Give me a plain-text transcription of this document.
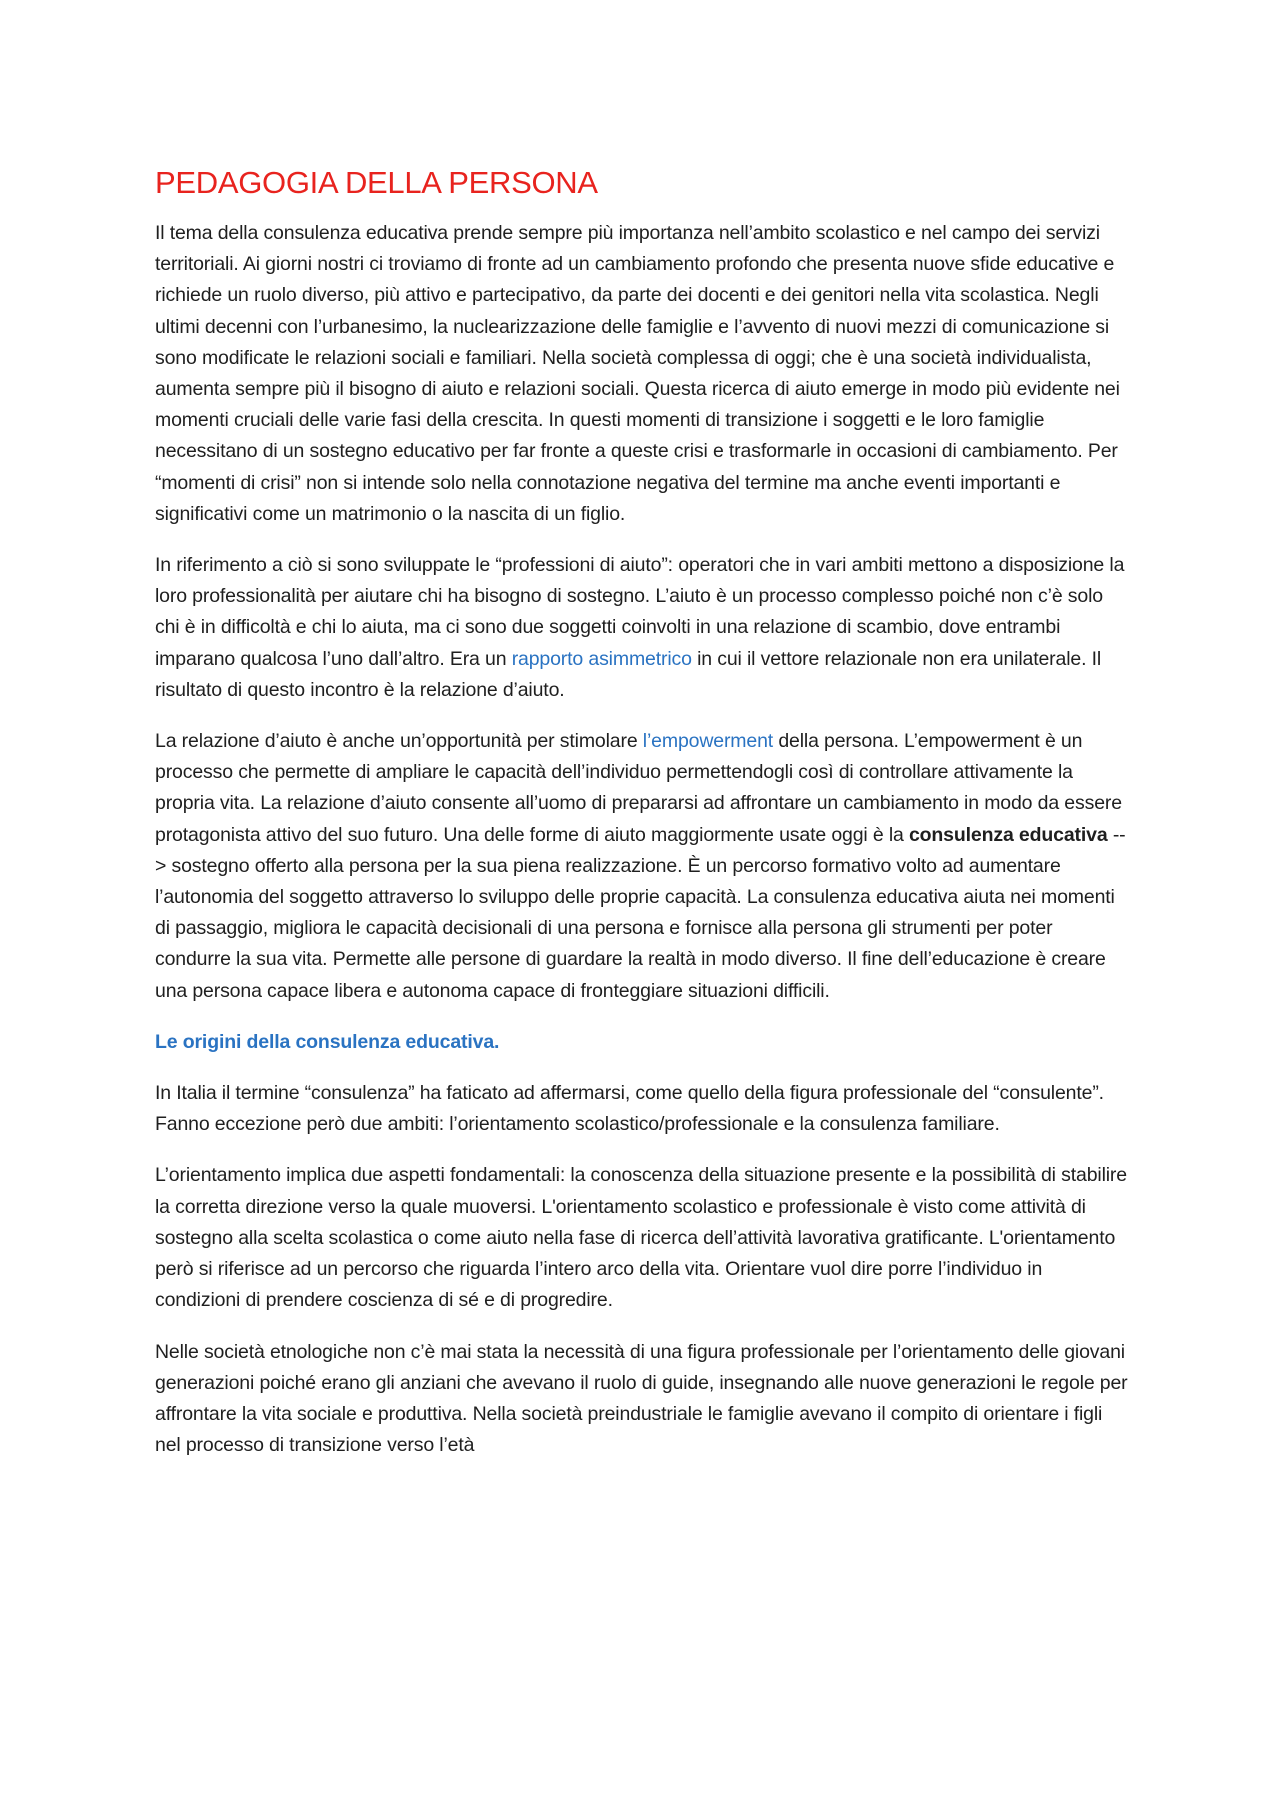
PEDAGOGIA DELLA PERSONA

Il tema della consulenza educativa prende sempre più importanza nell’ambito scolastico e nel campo dei servizi territoriali. Ai giorni nostri ci troviamo di fronte ad un cambiamento profondo che presenta nuove sfide educative e richiede un ruolo diverso, più attivo e partecipativo, da parte dei docenti e dei genitori nella vita scolastica. Negli ultimi decenni con l’urbanesimo, la nuclearizzazione delle famiglie e l’avvento di nuovi mezzi di comunicazione si sono modificate le relazioni sociali e familiari. Nella società complessa di oggi; che è una società individualista, aumenta sempre più il bisogno di aiuto e relazioni sociali. Questa ricerca di aiuto emerge in modo più evidente nei momenti cruciali delle varie fasi della crescita. In questi momenti di transizione i soggetti e le loro famiglie necessitano di un sostegno educativo per far fronte a queste crisi e trasformarle in occasioni di cambiamento. Per “momenti di crisi” non si intende solo nella connotazione negativa del termine ma anche eventi importanti e significativi come un matrimonio o la nascita di un figlio.

In riferimento a ciò si sono sviluppate le “professioni di aiuto”: operatori che in vari ambiti mettono a disposizione la loro professionalità per aiutare chi ha bisogno di sostegno. L’aiuto è un processo complesso poiché non c’è solo chi è in difficoltà e chi lo aiuta, ma ci sono due soggetti coinvolti in una relazione di scambio, dove entrambi imparano qualcosa l’uno dall’altro. Era un rapporto asimmetrico in cui il vettore relazionale non era unilaterale. Il risultato di questo incontro è la relazione d’aiuto.

La relazione d’aiuto è anche un’opportunità per stimolare l’empowerment della persona. L’empowerment è un processo che permette di ampliare le capacità dell’individuo permettendogli così di controllare attivamente la propria vita. La relazione d’aiuto consente all’uomo di prepararsi ad affrontare un cambiamento in modo da essere protagonista attivo del suo futuro. Una delle forme di aiuto maggiormente usate oggi è la consulenza educativa --> sostegno offerto alla persona per la sua piena realizzazione. È un percorso formativo volto ad aumentare l’autonomia del soggetto attraverso lo sviluppo delle proprie capacità. La consulenza educativa aiuta nei momenti di passaggio, migliora le capacità decisionali di una persona e fornisce alla persona gli strumenti per poter condurre la sua vita. Permette alle persone di guardare la realtà in modo diverso. Il fine dell’educazione è creare una persona capace libera e autonoma capace di fronteggiare situazioni difficili.

Le origini della consulenza educativa.

In Italia il termine “consulenza” ha faticato ad affermarsi, come quello della figura professionale del “consulente”. Fanno eccezione però due ambiti: l’orientamento scolastico/professionale e la consulenza familiare.

L’orientamento implica due aspetti fondamentali: la conoscenza della situazione presente e la possibilità di stabilire la corretta direzione verso la quale muoversi. L'orientamento scolastico e professionale è visto come attività di sostegno alla scelta scolastica o come aiuto nella fase di ricerca dell’attività lavorativa gratificante. L'orientamento però si riferisce ad un percorso che riguarda l’intero arco della vita. Orientare vuol dire porre l’individuo in condizioni di prendere coscienza di sé e di progredire.

Nelle società etnologiche non c’è mai stata la necessità di una figura professionale per l’orientamento delle giovani generazioni poiché erano gli anziani che avevano il ruolo di guide, insegnando alle nuove generazioni le regole per affrontare la vita sociale e produttiva. Nella società preindustriale le famiglie avevano il compito di orientare i figli nel processo di transizione verso l’età
